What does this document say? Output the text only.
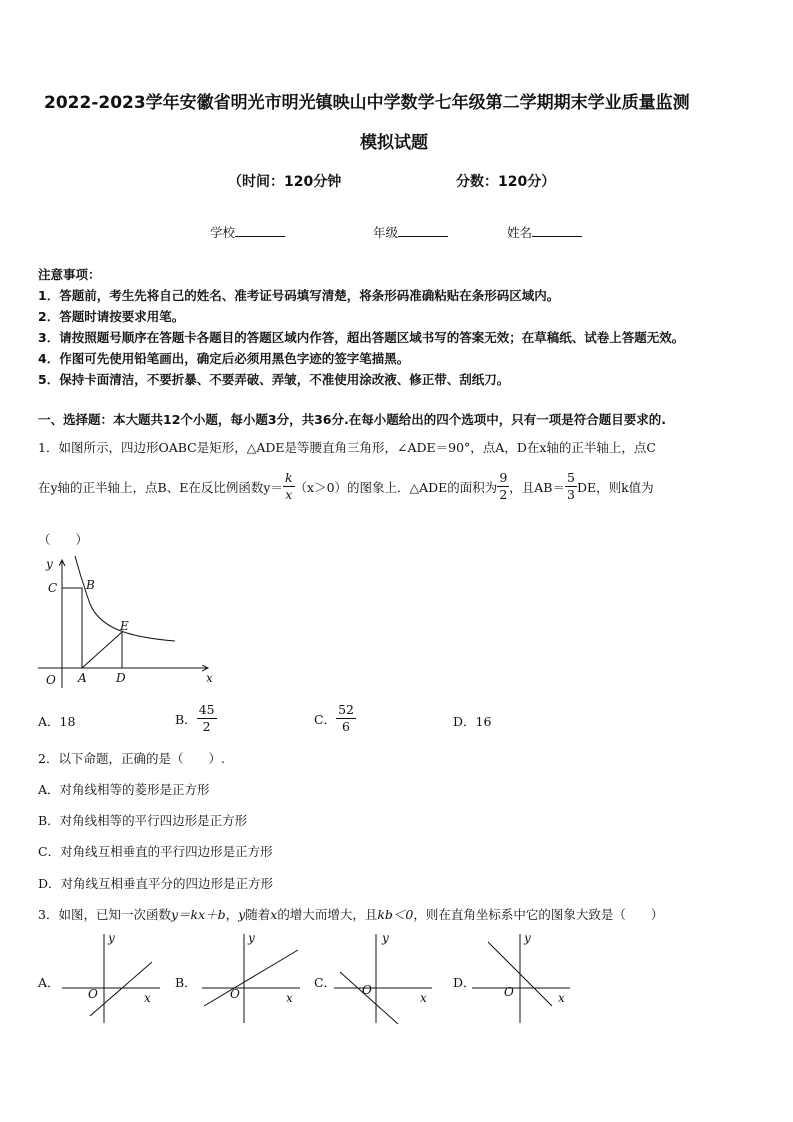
2022-2023学年安徽省明光市明光镇映山中学数学七年级第二学期期末学业质量监测
模拟试题
（时间：120分钟	分数：120分）
学校	年级	姓名
注意事项：
1．答题前，考生先将自己的姓名、准考证号码填写清楚，将条形码准确粘贴在条形码区域内。
2．答题时请按要求用笔。
3．请按照题号顺序在答题卡各题目的答题区域内作答，超出答题区域书写的答案无效；在草稿纸、试卷上答题无效。
4．作图可先使用铅笔画出，确定后必须用黑色字迹的签字笔描黑。
5．保持卡面清洁，不要折暴、不要弄破、弄皱，不准使用涂改液、修正带、刮纸刀。
一、选择题：本大题共12个小题，每小题3分，共36分.在每小题给出的四个选项中，只有一项是符合题目要求的.
1．如图所示，四边形OABC是矩形，△ADE是等腰直角三角形，∠ADE＝90°，点A，D在x轴的正半轴上，点C
在y轴的正半轴上，点B、E在反比例函数$y= \frac{k}{x} (x>0)$的图象上．△ADE的面积为 $\frac{9}{2}$ ，且$AB= \frac{5}{3}$ DE，则k值为
（　　）
y
x
O A D
C B
E
A．18	B． $\frac{45}{2}$	C． $\frac{52}{6}$	D．16
2．以下命题，正确的是（　　）.
A．对角线相等的菱形是正方形
B．对角线相等的平行四边形是正方形
C．对角线互相垂直的平行四边形是正方形
D．对角线互相垂直平分的四边形是正方形
3．如图，已知一次函数y＝kx＋b，y随着x的增大而增大，且kb＜0，则在直角坐标系中它的图象大致是（　　）
A．
y
x
O
B．
y
x
O
C．
y
x
O	D．
y
x
O
